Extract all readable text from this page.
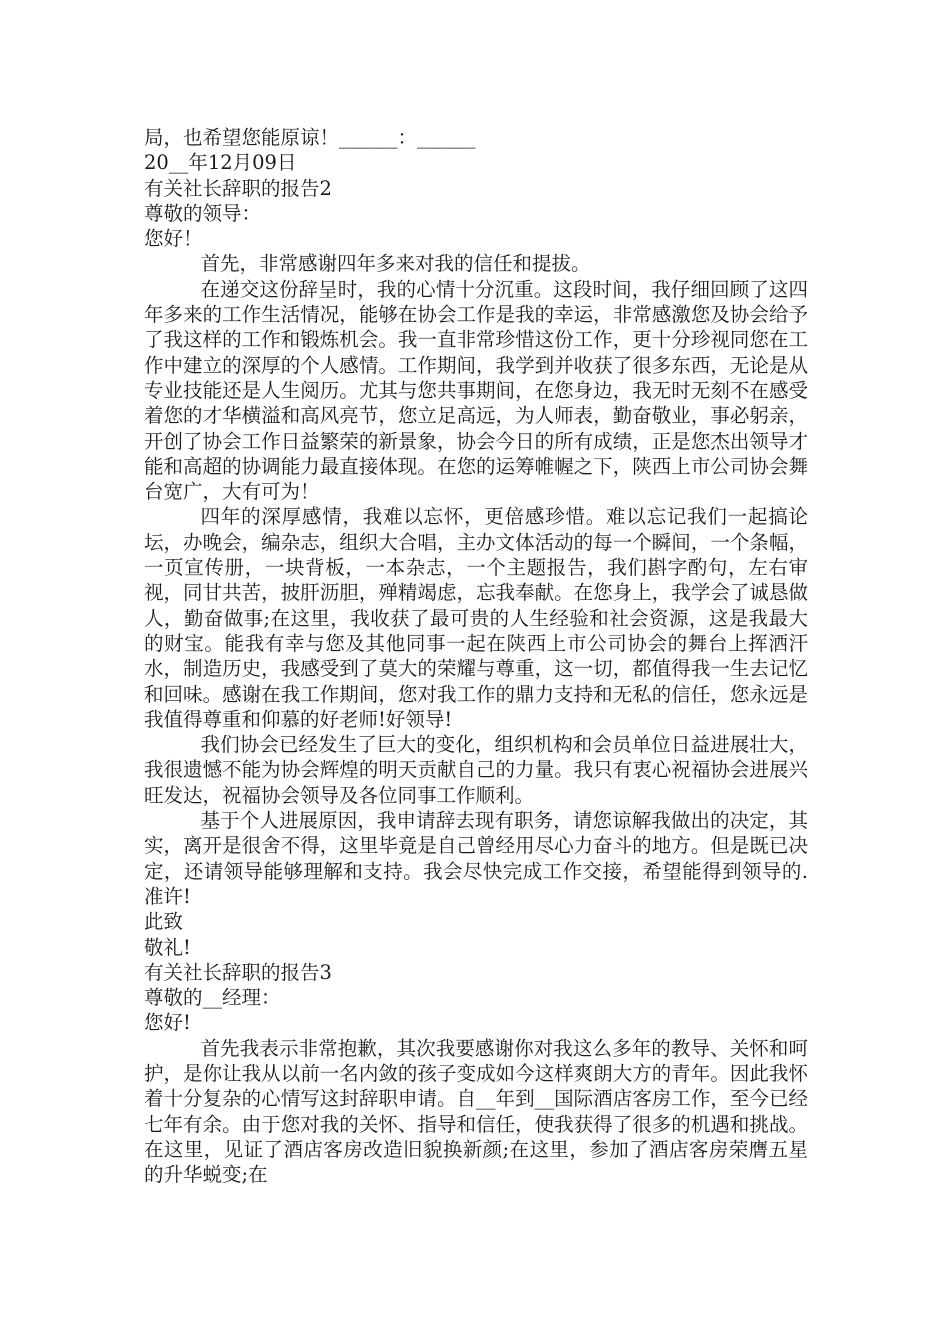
局，也希望您能原谅！______：______

20__年12月09日

有关社长辞职的报告2

尊敬的领导：

您好！

首先，非常感谢四年多来对我的信任和提拔。

在递交这份辞呈时，我的心情十分沉重。这段时间，我仔细回顾了这四年多来的工作生活情况，能够在协会工作是我的幸运，非常感激您及协会给予了我这样的工作和锻炼机会。我一直非常珍惜这份工作，更十分珍视同您在工作中建立的深厚的个人感情。工作期间，我学到并收获了很多东西，无论是从专业技能还是人生阅历。尤其与您共事期间，在您身边，我无时无刻不在感受着您的才华横溢和高风亮节，您立足高远，为人师表，勤奋敬业，事必躬亲，开创了协会工作日益繁荣的新景象，协会今日的所有成绩，正是您杰出领导才能和高超的协调能力最直接体现。在您的运筹帷幄之下，陕西上市公司协会舞台宽广，大有可为！

四年的深厚感情，我难以忘怀，更倍感珍惜。难以忘记我们一起搞论坛，办晚会，编杂志，组织大合唱，主办文体活动的每一个瞬间，一个条幅，一页宣传册，一块背板，一本杂志，一个主题报告，我们斟字酌句，左右审视，同甘共苦，披肝沥胆，殚精竭虑，忘我奉献。在您身上，我学会了诚恳做人，勤奋做事;在这里，我收获了最可贵的人生经验和社会资源，这是我最大的财宝。能我有幸与您及其他同事一起在陕西上市公司协会的舞台上挥洒汗水，制造历史，我感受到了莫大的荣耀与尊重，这一切，都值得我一生去记忆和回味。感谢在我工作期间，您对我工作的鼎力支持和无私的信任，您永远是我值得尊重和仰慕的好老师!好领导!

我们协会已经发生了巨大的变化，组织机构和会员单位日益进展壮大，我很遗憾不能为协会辉煌的明天贡献自己的力量。我只有衷心祝福协会进展兴旺发达，祝福协会领导及各位同事工作顺利。

基于个人进展原因，我申请辞去现有职务，请您谅解我做出的决定，其实，离开是很舍不得，这里毕竟是自己曾经用尽心力奋斗的地方。但是既已决定，还请领导能够理解和支持。我会尽快完成工作交接，希望能得到领导的.准许!

此致

敬礼!

有关社长辞职的报告3

尊敬的__经理：

您好!

首先我表示非常抱歉，其次我要感谢你对我这么多年的教导、关怀和呵护，是你让我从以前一名内敛的孩子变成如今这样爽朗大方的青年。因此我怀着十分复杂的心情写这封辞职申请。自__年到__国际酒店客房工作，至今已经七年有余。由于您对我的关怀、指导和信任，使我获得了很多的机遇和挑战。在这里，见证了酒店客房改造旧貌换新颜;在这里，参加了酒店客房荣膺五星的升华蜕变;在
